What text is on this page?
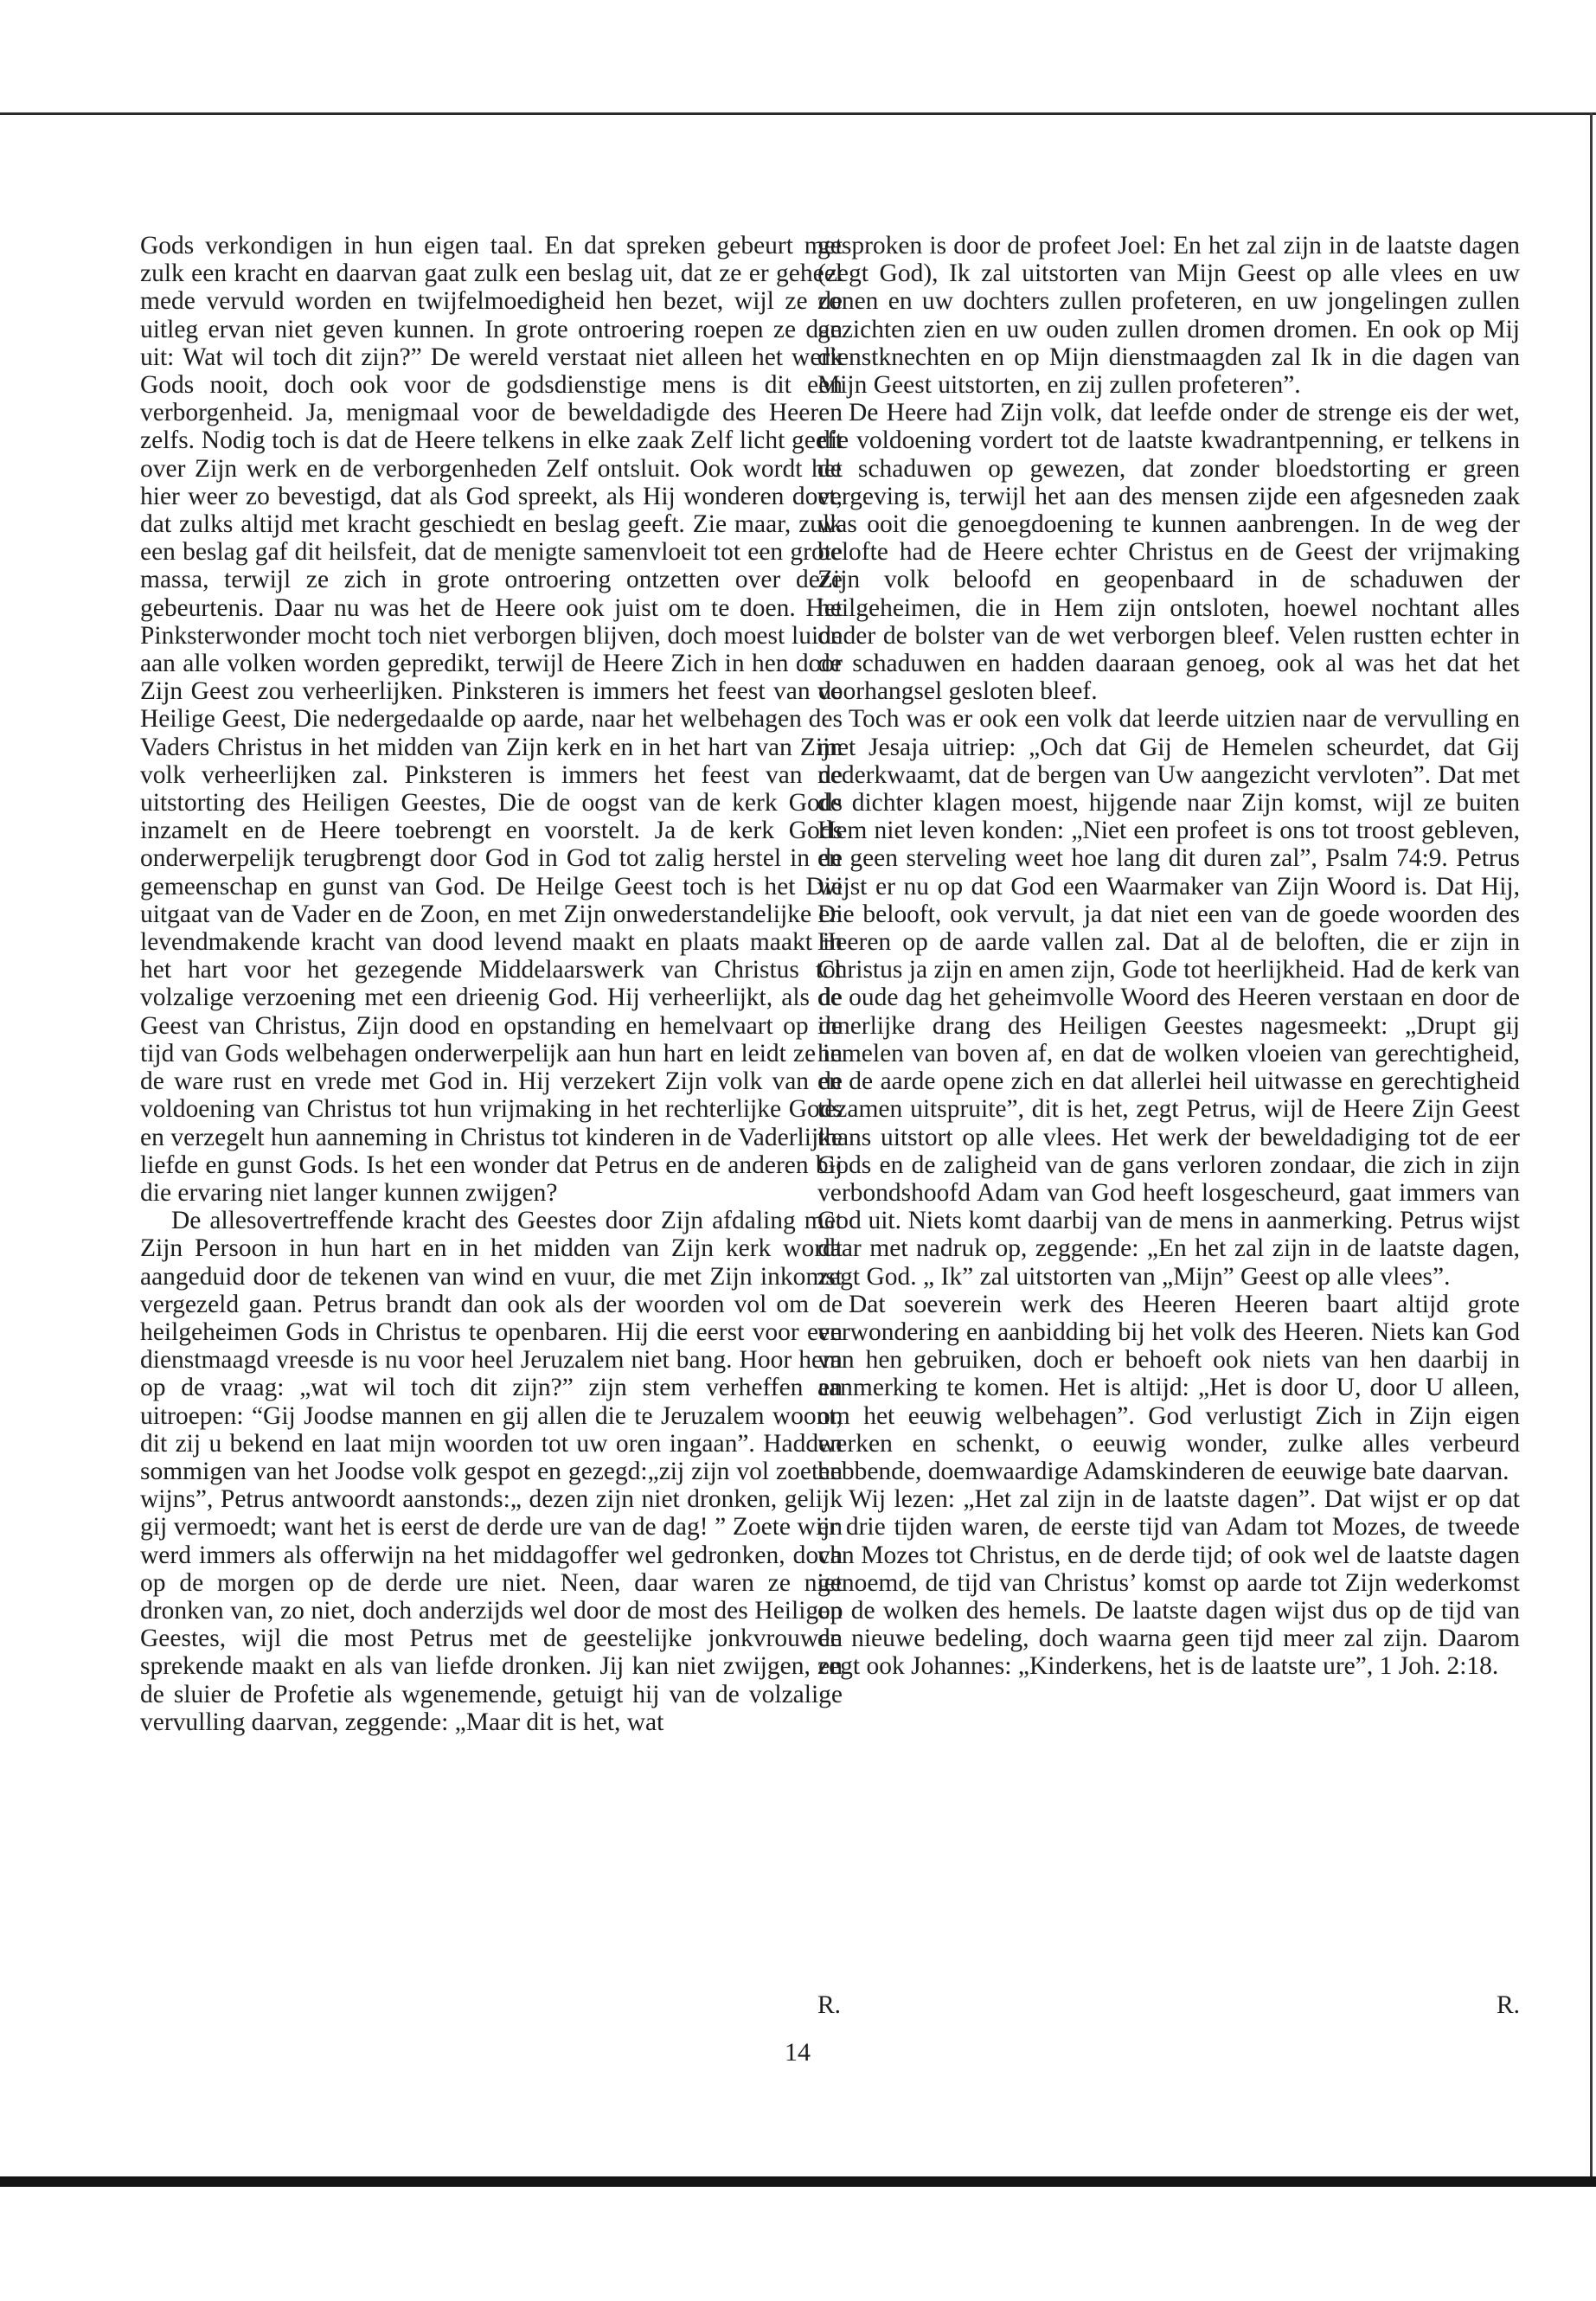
Gods verkondigen in hun eigen taal. En dat spreken gebeurt met zulk een kracht en daarvan gaat zulk een beslag uit, dat ze er geheel mede vervuld worden en twijfelmoedigheid hen bezet, wijl ze de uitleg ervan niet geven kunnen. In grote ontroering roepen ze dan uit: Wat wil toch dit zijn?” De wereld verstaat niet alleen het werk Gods nooit, doch ook voor de godsdienstige mens is dit een verborgenheid. Ja, menigmaal voor de beweldadigde des Heeren zelfs. Nodig toch is dat de Heere telkens in elke zaak Zelf licht geeft over Zijn werk en de verborgenheden Zelf ontsluit. Ook wordt het hier weer zo bevestigd, dat als God spreekt, als Hij wonderen doet, dat zulks altijd met kracht geschiedt en beslag geeft. Zie maar, zulk een beslag gaf dit heilsfeit, dat de menigte samenvloeit tot een grote massa, terwijl ze zich in grote ontroering ontzetten over deze gebeurtenis. Daar nu was het de Heere ook juist om te doen. Het Pinksterwonder mocht toch niet verborgen blijven, doch moest luide aan alle volken worden gepredikt, terwijl de Heere Zich in hen door Zijn Geest zou verheerlijken. Pinksteren is immers het feest van de Heilige Geest, Die nedergedaalde op aarde, naar het welbehagen des Vaders Christus in het midden van Zijn kerk en in het hart van Zijn volk verheerlijken zal. Pinksteren is immers het feest van de uitstorting des Heiligen Geestes, Die de oogst van de kerk Gods inzamelt en de Heere toebrengt en voorstelt. Ja de kerk Gods onderwerpelijk terugbrengt door God in God tot zalig herstel in de gemeenschap en gunst van God. De Heilge Geest toch is het Die uitgaat van de Vader en de Zoon, en met Zijn onwederstandelijke en levendmakende kracht van dood levend maakt en plaats maakt in het hart voor het gezegende Middelaarswerk van Christus tot volzalige verzoening met een drieenig God. Hij verheerlijkt, als de Geest van Christus, Zijn dood en opstanding en hemelvaart op de tijd van Gods welbehagen onderwerpelijk aan hun hart en leidt ze in de ware rust en vrede met God in. Hij verzekert Zijn volk van de voldoening van Christus tot hun vrijmaking in het rechterlijke Gods en verzegelt hun aanneming in Christus tot kinderen in de Vaderlijke liefde en gunst Gods. Is het een wonder dat Petrus en de anderen bij die ervaring niet langer kunnen zwijgen?

De allesovertreffende kracht des Geestes door Zijn afdaling met Zijn Persoon in hun hart en in het midden van Zijn kerk wordt aangeduid door de tekenen van wind en vuur, die met Zijn inkomst vergezeld gaan. Petrus brandt dan ook als der woorden vol om de heilgeheimen Gods in Christus te openbaren. Hij die eerst voor een dienstmaagd vreesde is nu voor heel Jeruzalem niet bang. Hoor hem op de vraag: „wat wil toch dit zijn?” zijn stem verheffen en uitroepen: “Gij Joodse mannen en gij allen die te Jeruzalem woont, dit zij u bekend en laat mijn woorden tot uw oren ingaan”. Hadden sommigen van het Joodse volk gespot en gezegd:„zij zijn vol zoeten wijns”, Petrus antwoordt aanstonds:„ dezen zijn niet dronken, gelijk gij vermoedt; want het is eerst de derde ure van de dag! ” Zoete wijn werd immers als offerwijn na het middagoffer wel gedronken, doch op de morgen op de derde ure niet. Neen, daar waren ze niet dronken van, zo niet, doch anderzijds wel door de most des Heiligen Geestes, wijl die most Petrus met de geestelijke jonkvrouwen sprekende maakt en als van liefde dronken. Jij kan niet zwijgen, en de sluier de Profetie als wgenemende, getuigt hij van de volzalige vervulling daarvan, zeggende: „Maar dit is het, wat

gesproken is door de profeet Joel: En het zal zijn in de laatste dagen (zegt God), Ik zal uitstorten van Mijn Geest op alle vlees en uw zonen en uw dochters zullen profeteren, en uw jongelingen zullen gezichten zien en uw ouden zullen dromen dromen. En ook op Mij dienstknechten en op Mijn dienstmaagden zal Ik in die dagen van Mijn Geest uitstorten, en zij zullen profeteren”.

De Heere had Zijn volk, dat leefde onder de strenge eis der wet, die voldoening vordert tot de laatste kwadrantpenning, er telkens in de schaduwen op gewezen, dat zonder bloedstorting er green vergeving is, terwijl het aan des mensen zijde een afgesneden zaak was ooit die genoegdoening te kunnen aanbrengen. In de weg der belofte had de Heere echter Christus en de Geest der vrijmaking Zijn volk beloofd en geopenbaard in de schaduwen der heilgeheimen, die in Hem zijn ontsloten, hoewel nochtant alles onder de bolster van de wet verborgen bleef. Velen rustten echter in de schaduwen en hadden daaraan genoeg, ook al was het dat het voorhangsel gesloten bleef.

Toch was er ook een volk dat leerde uitzien naar de vervulling en met Jesaja uitriep: „Och dat Gij de Hemelen scheurdet, dat Gij nederkwaamt, dat de bergen van Uw aangezicht vervloten”. Dat met de dichter klagen moest, hijgende naar Zijn komst, wijl ze buiten Hem niet leven konden: „Niet een profeet is ons tot troost gebleven, en geen sterveling weet hoe lang dit duren zal”, Psalm 74:9. Petrus wijst er nu op dat God een Waarmaker van Zijn Woord is. Dat Hij, Die belooft, ook vervult, ja dat niet een van de goede woorden des Heeren op de aarde vallen zal. Dat al de beloften, die er zijn in Christus ja zijn en amen zijn, Gode tot heerlijkheid. Had de kerk van de oude dag het geheimvolle Woord des Heeren verstaan en door de innerlijke drang des Heiligen Geestes nagesmeekt: „Drupt gij hemelen van boven af, en dat de wolken vloeien van gerechtigheid, en de aarde opene zich en dat allerlei heil uitwasse en gerechtigheid tezamen uitspruite”, dit is het, zegt Petrus, wijl de Heere Zijn Geest thans uitstort op alle vlees. Het werk der beweldadiging tot de eer Gods en de zaligheid van de gans verloren zondaar, die zich in zijn verbondshoofd Adam van God heeft losgescheurd, gaat immers van God uit. Niets komt daarbij van de mens in aanmerking. Petrus wijst daar met nadruk op, zeggende: „En het zal zijn in de laatste dagen, zegt God. „ Ik” zal uitstorten van „Mijn” Geest op alle vlees”.

Dat soeverein werk des Heeren Heeren baart altijd grote verwondering en aanbidding bij het volk des Heeren. Niets kan God van hen gebruiken, doch er behoeft ook niets van hen daarbij in aanmerking te komen. Het is altijd: „Het is door U, door U alleen, om het eeuwig welbehagen”. God verlustigt Zich in Zijn eigen werken en schenkt, o eeuwig wonder, zulke alles verbeurd hebbende, doemwaardige Adamskinderen de eeuwige bate daarvan.

Wij lezen: „Het zal zijn in de laatste dagen”. Dat wijst er op dat er drie tijden waren, de eerste tijd van Adam tot Mozes, de tweede van Mozes tot Christus, en de derde tijd; of ook wel de laatste dagen genoemd, de tijd van Christus’ komst op aarde tot Zijn wederkomst op de wolken des hemels. De laatste dagen wijst dus op de tijd van de nieuwe bedeling, doch waarna geen tijd meer zal zijn. Daarom zegt ook Johannes: „Kinderkens, het is de laatste ure”, 1 Joh. 2:18.

R.	R.
14
